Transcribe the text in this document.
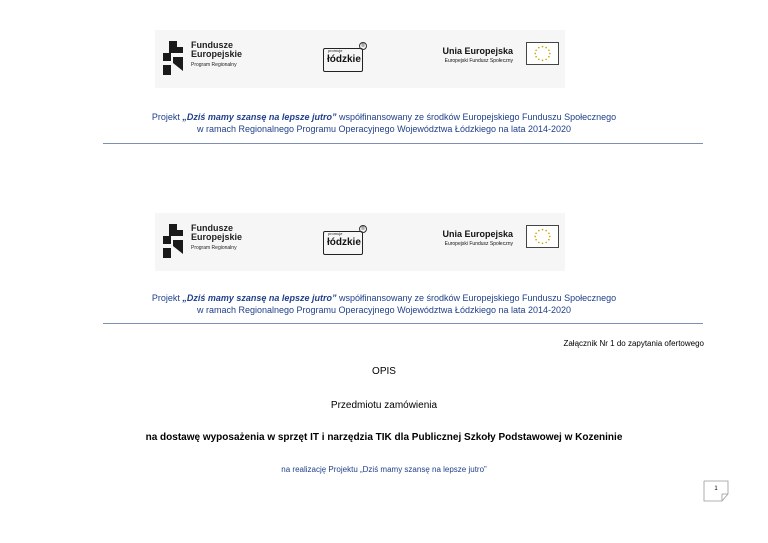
Fundusze
Europejskie
Program Regionalny
promuje
łódzkie
®	Unia Europejska
Europejski Fundusz Społeczny
Projekt „Dziś mamy szansę na lepsze jutro” współfinansowany ze środków Europejskiego Funduszu Społecznego
w ramach Regionalnego Programu Operacyjnego Województwa Łódzkiego na lata 2014-2020
Fundusze
Europejskie
Program Regionalny
promuje
łódzkie
®	Unia Europejska
Europejski Fundusz Społeczny
Projekt „Dziś mamy szansę na lepsze jutro” współfinansowany ze środków Europejskiego Funduszu Społecznego
w ramach Regionalnego Programu Operacyjnego Województwa Łódzkiego na lata 2014-2020
Załącznik Nr 1 do zapytania ofertowego
OPIS
Przedmiotu zamówienia
na dostawę wyposażenia w sprzęt IT i narzędzia TIK dla Publicznej Szkoły Podstawowej w Kozeninie
na realizację Projektu „Dziś mamy szansę na lepsze jutro”
1
